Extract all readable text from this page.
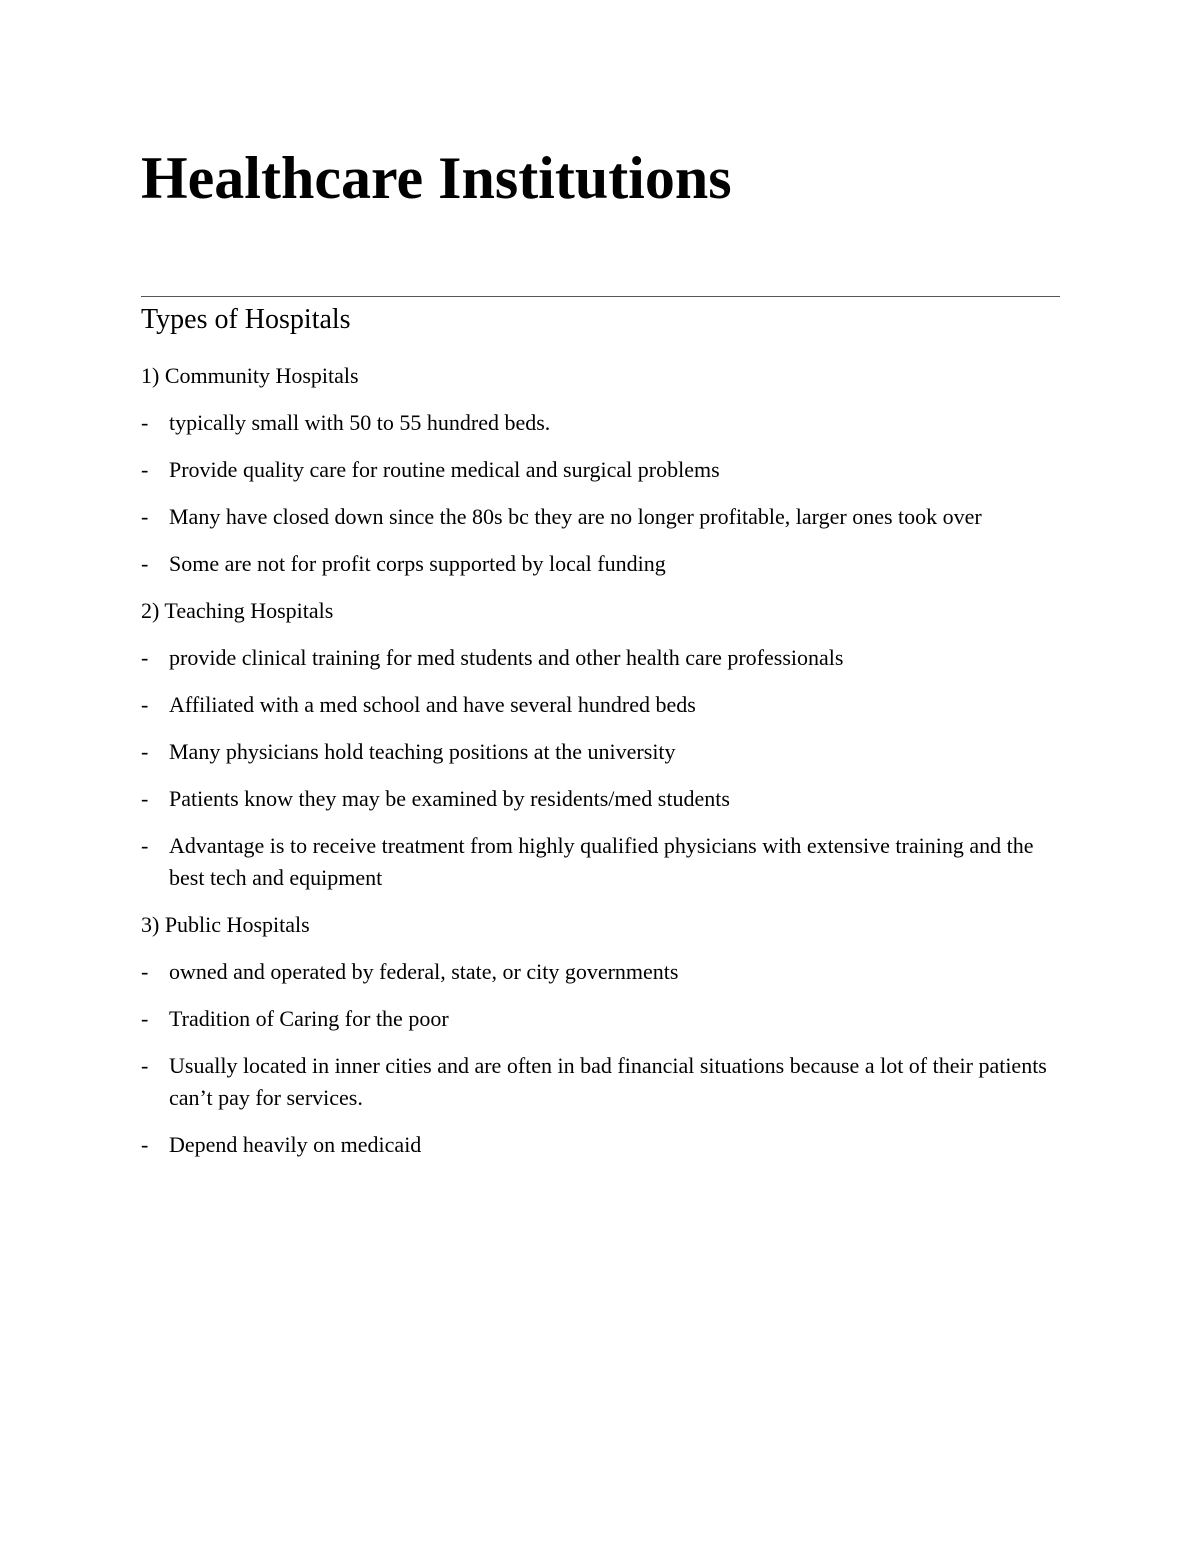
Healthcare Institutions
Types of Hospitals
1) Community Hospitals
- typically small with 50 to 55 hundred beds.
- Provide quality care for routine medical and surgical problems
- Many have closed down since the 80s bc they are no longer profitable, larger ones took over
- Some are not for profit corps supported by local funding
2) Teaching Hospitals
- provide clinical training for med students and other health care professionals
- Affiliated with a med school and have several hundred beds
- Many physicians hold teaching positions at the university
- Patients know they may be examined by residents/med students
- Advantage is to receive treatment from highly qualified physicians with extensive training and the best tech and equipment
3) Public Hospitals
- owned and operated by federal, state, or city governments
- Tradition of Caring for the poor
- Usually located in inner cities and are often in bad financial situations because a lot of their patients can’t pay for services.
- Depend heavily on medicaid
